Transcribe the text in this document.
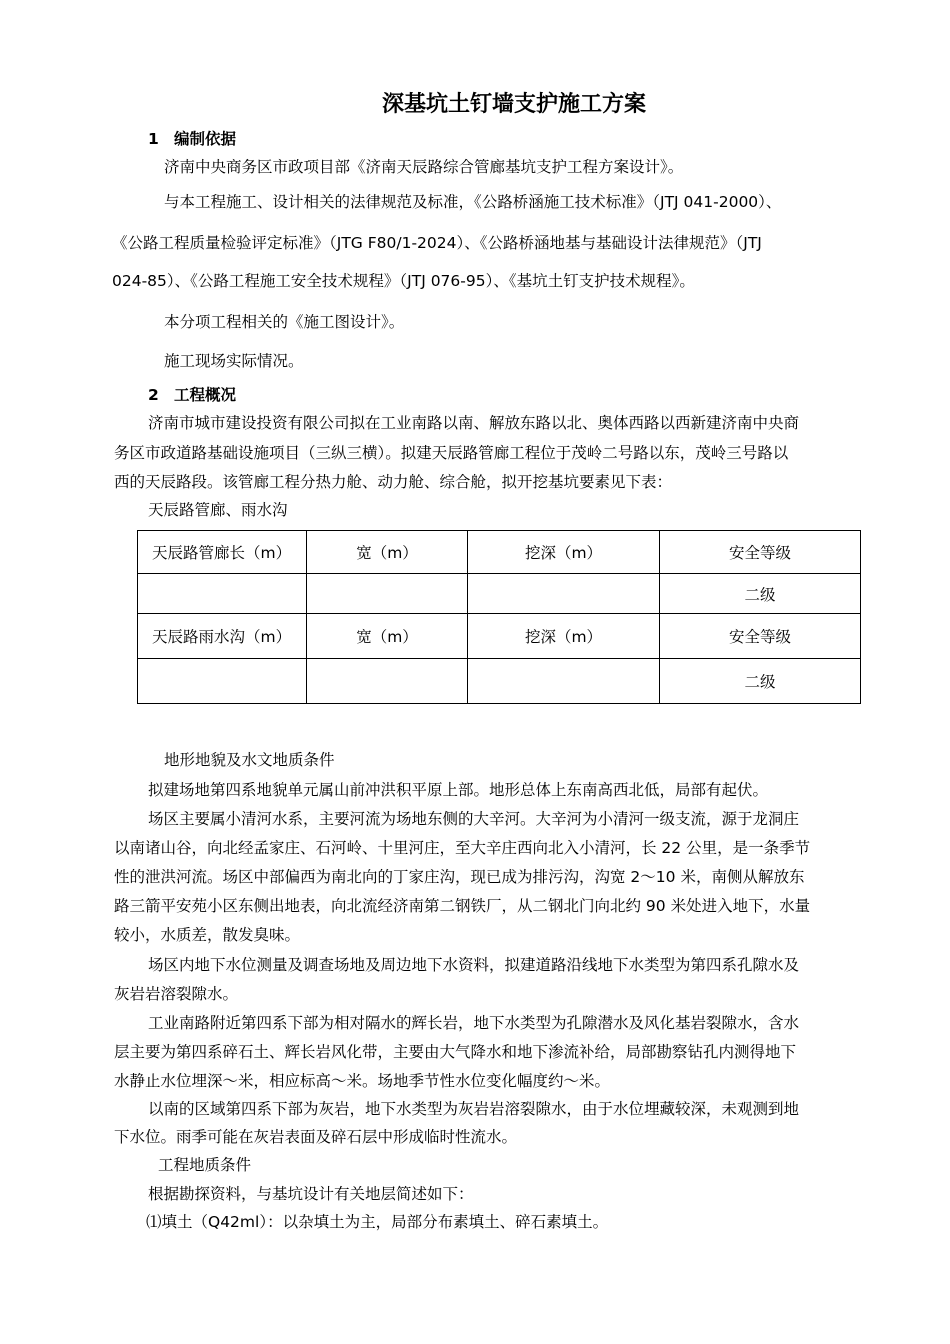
深基坑土钉墙支护施工方案
1 编制依据
济南中央商务区市政项目部《济南天辰路综合管廊基坑支护工程方案设计》。
与本工程施工、设计相关的法律规范及标准，《公路桥涵施工技术标准》（JTJ 041-2000）、
《公路工程质量检验评定标准》（JTG F80/1-2024）、《公路桥涵地基与基础设计法律规范》（JTJ
024-85）、《公路工程施工安全技术规程》（JTJ 076-95）、《基坑土钉支护技术规程》。
本分项工程相关的《施工图设计》。
施工现场实际情况。
2 工程概况
济南市城市建设投资有限公司拟在工业南路以南、解放东路以北、奥体西路以西新建济南中央商
务区市政道路基础设施项目（三纵三横）。拟建天辰路管廊工程位于茂岭二号路以东，茂岭三号路以
西的天辰路段。该管廊工程分热力舱、动力舱、综合舱，拟开挖基坑要素见下表：
天辰路管廊、雨水沟
天辰路管廊长（m）	宽（m）	挖深（m）	安全等级
			二级
天辰路雨水沟（m）	宽（m）	挖深（m）	安全等级
			二级
地形地貌及水文地质条件
拟建场地第四系地貌单元属山前冲洪积平原上部。地形总体上东南高西北低，局部有起伏。
场区主要属小清河水系，主要河流为场地东侧的大辛河。大辛河为小清河一级支流，源于龙洞庄
以南诸山谷，向北经孟家庄、石河岭、十里河庄，至大辛庄西向北入小清河，长 22 公里，是一条季节
性的泄洪河流。场区中部偏西为南北向的丁家庄沟，现已成为排污沟，沟宽 2～10 米，南侧从解放东
路三箭平安苑小区东侧出地表，向北流经济南第二钢铁厂，从二钢北门向北约 90 米处进入地下，水量
较小，水质差，散发臭味。
场区内地下水位测量及调查场地及周边地下水资料，拟建道路沿线地下水类型为第四系孔隙水及
灰岩岩溶裂隙水。
工业南路附近第四系下部为相对隔水的辉长岩，地下水类型为孔隙潜水及风化基岩裂隙水，含水
层主要为第四系碎石土、辉长岩风化带，主要由大气降水和地下渗流补给，局部勘察钻孔内测得地下
水静止水位埋深～米，相应标高～米。场地季节性水位变化幅度约～米。
以南的区域第四系下部为灰岩，地下水类型为灰岩岩溶裂隙水，由于水位埋藏较深，未观测到地
下水位。雨季可能在灰岩表面及碎石层中形成临时性流水。
工程地质条件
根据勘探资料，与基坑设计有关地层简述如下：
⑴填土（Q42ml）：以杂填土为主，局部分布素填土、碎石素填土。
